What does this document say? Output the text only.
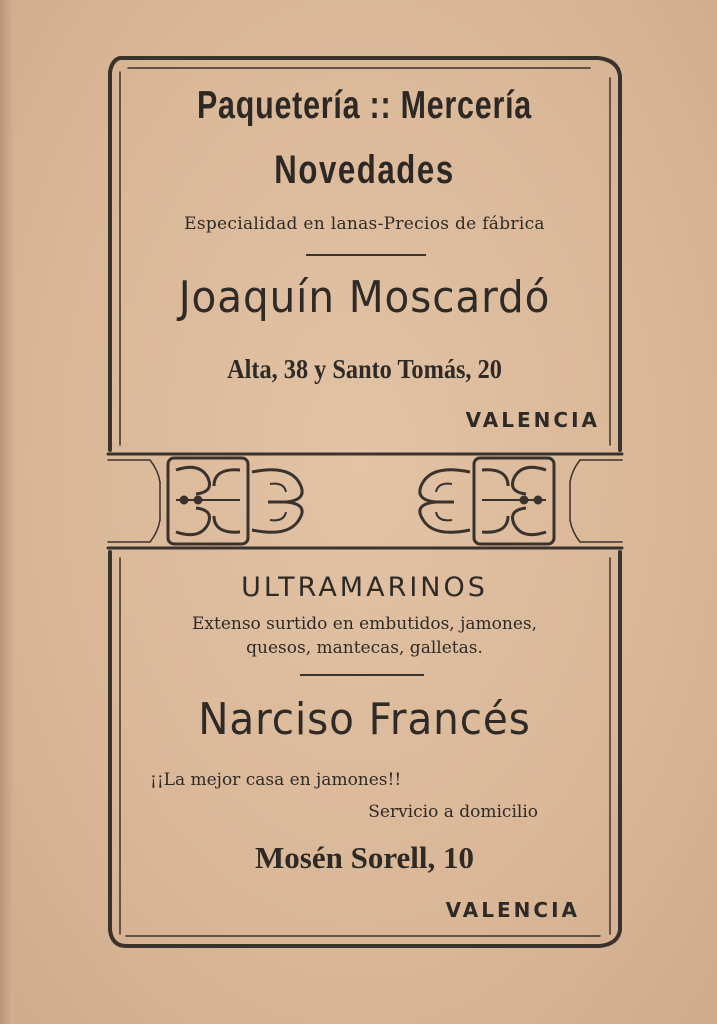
Paquetería :: Mercería
Novedades
Especialidad en lanas-Precios de fábrica
Joaquín Moscardó
Alta, 38 y Santo Tomás, 20
VALENCIA
ULTRAMARINOS
Extenso surtido en embutidos, jamones,
quesos, mantecas, galletas.
Narciso Francés
¡¡La mejor casa en jamones!!
Servicio a domicilio
Mosén Sorell, 10
VALENCIA
